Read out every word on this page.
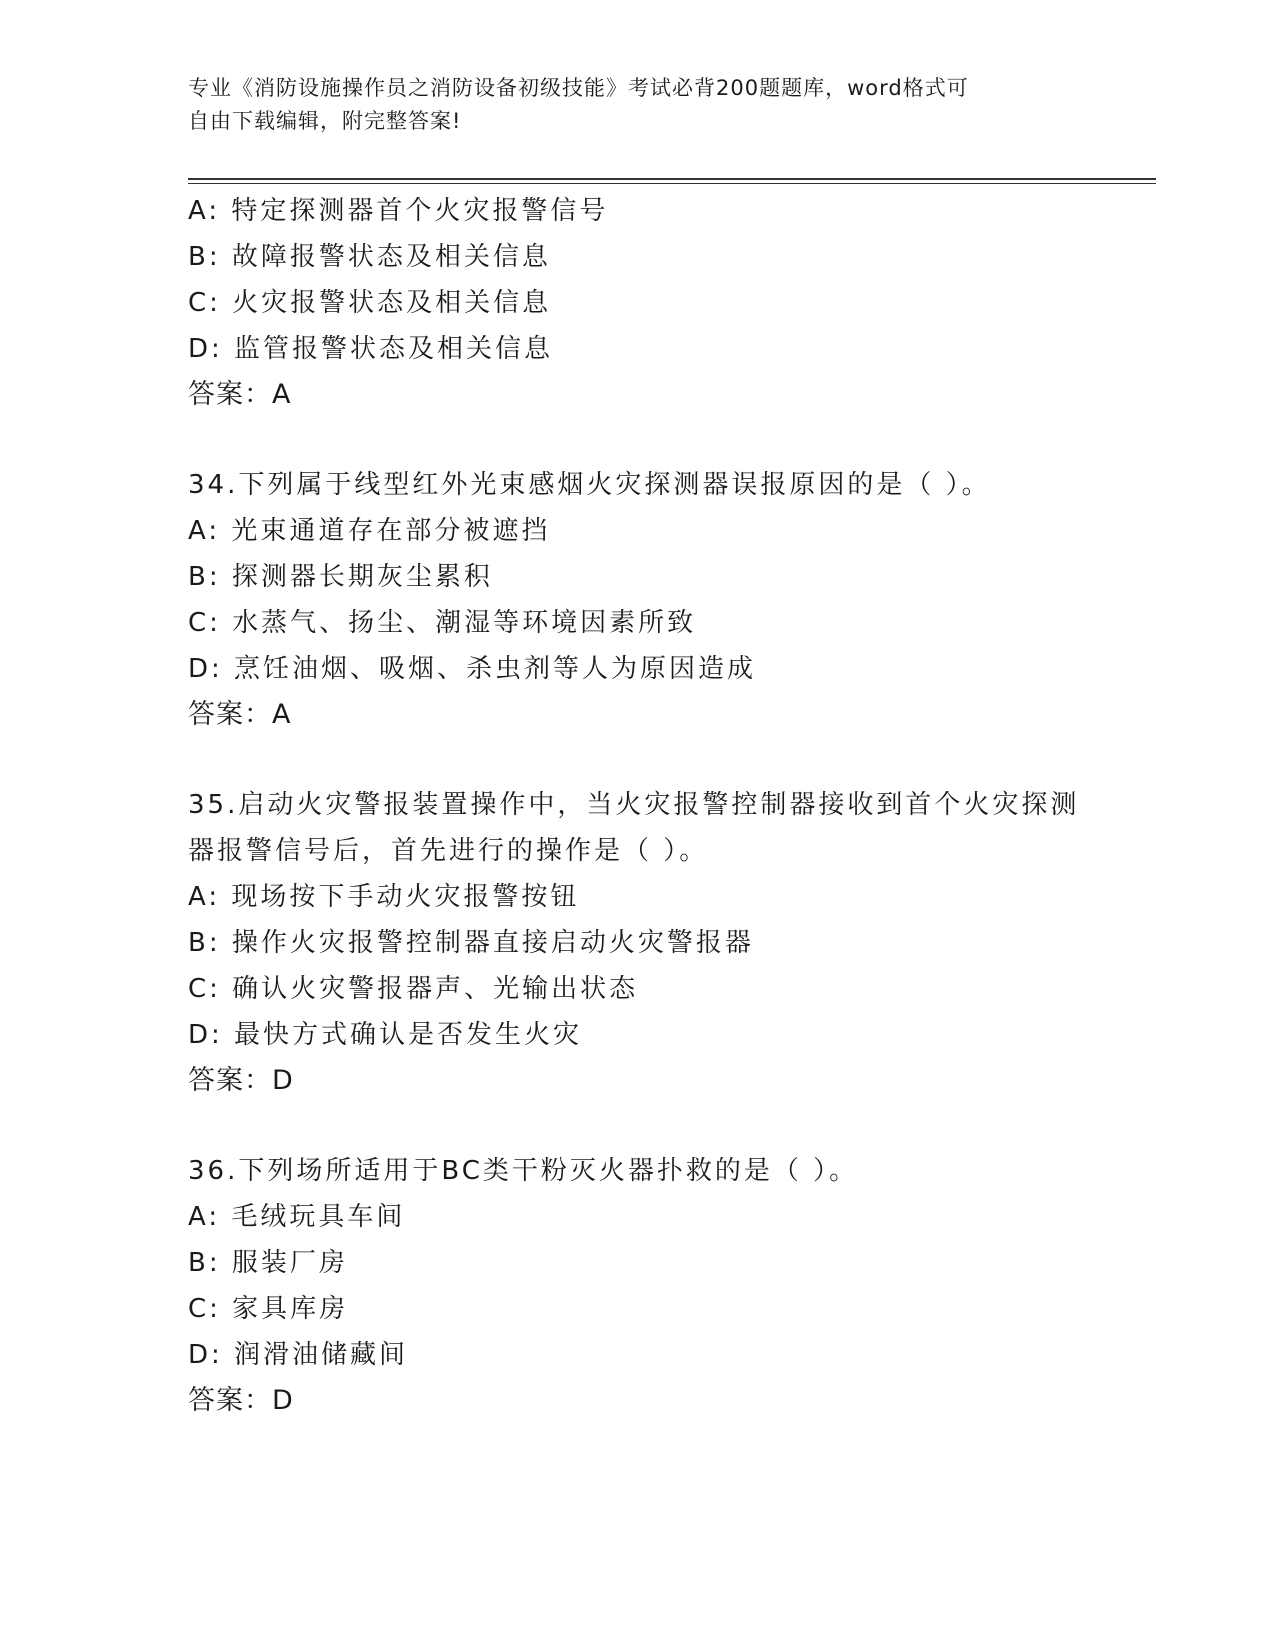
专业《消防设施操作员之消防设备初级技能》考试必背200题题库，word格式可
自由下载编辑，附完整答案!
A: 特定探测器首个火灾报警信号
B: 故障报警状态及相关信息
C: 火灾报警状态及相关信息
D: 监管报警状态及相关信息
答案：A
34.下列属于线型红外光束感烟火灾探测器误报原因的是（ ）。
A: 光束通道存在部分被遮挡
B: 探测器长期灰尘累积
C: 水蒸气、扬尘、潮湿等环境因素所致
D: 烹饪油烟、吸烟、杀虫剂等人为原因造成
答案：A
35.启动火灾警报装置操作中，当火灾报警控制器接收到首个火灾探测
器报警信号后，首先进行的操作是（ ）。
A: 现场按下手动火灾报警按钮
B: 操作火灾报警控制器直接启动火灾警报器
C: 确认火灾警报器声、光输出状态
D: 最快方式确认是否发生火灾
答案：D
36.下列场所适用于BC类干粉灭火器扑救的是（ ）。
A: 毛绒玩具车间
B: 服装厂房
C: 家具库房
D: 润滑油储藏间
答案：D
